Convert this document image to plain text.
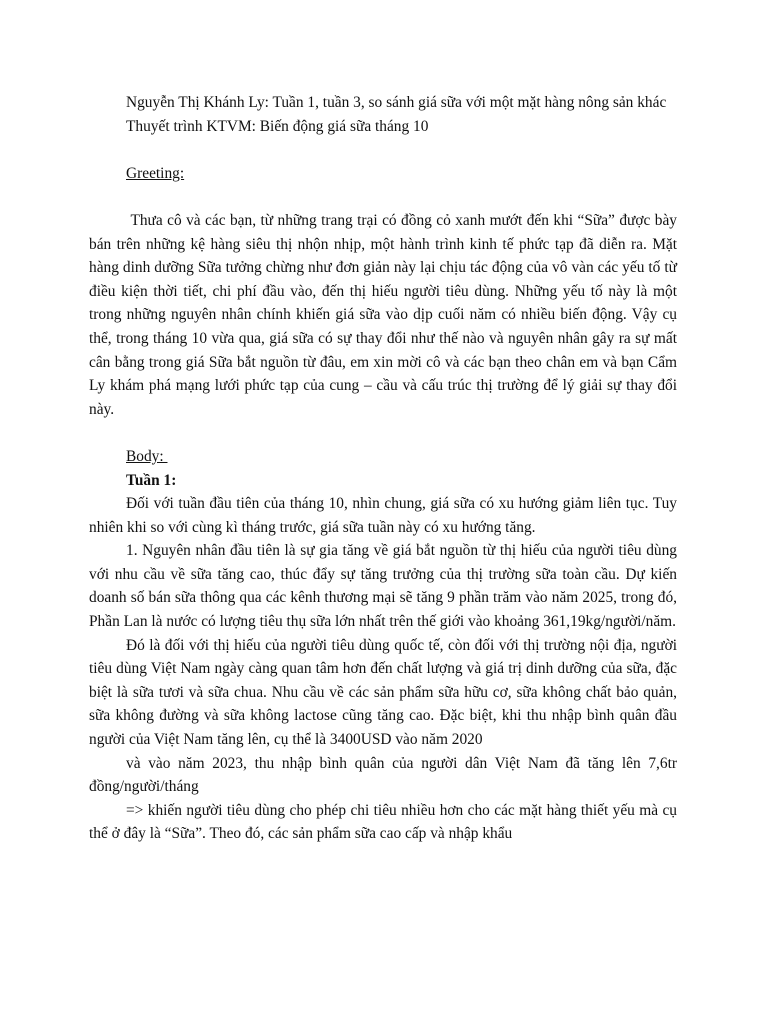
Nguyễn Thị Khánh Ly: Tuần 1, tuần 3, so sánh giá sữa với một mặt hàng nông sản khác

Thuyết trình KTVM: Biến động giá sữa tháng 10

Greeting:

Thưa cô và các bạn, từ những trang trại có đồng cỏ xanh mướt đến khi “Sữa” được bày bán trên những kệ hàng siêu thị nhộn nhịp, một hành trình kinh tế phức tạp đã diễn ra. Mặt hàng dinh dưỡng Sữa tưởng chừng như đơn giản này lại chịu tác động của vô vàn các yếu tố từ điều kiện thời tiết, chi phí đầu vào, đến thị hiếu người tiêu dùng. Những yếu tố này là một trong những nguyên nhân chính khiến giá sữa vào dịp cuối năm có nhiều biến động. Vậy cụ thể, trong tháng 10 vừa qua, giá sữa có sự thay đổi như thế nào và nguyên nhân gây ra sự mất cân bằng trong giá Sữa bắt nguồn từ đâu, em xin mời cô và các bạn theo chân em và bạn Cẩm Ly khám phá mạng lưới phức tạp của cung – cầu và cấu trúc thị trường để lý giải sự thay đổi này.

Body:

Tuần 1:

Đối với tuần đầu tiên của tháng 10, nhìn chung, giá sữa có xu hướng giảm liên tục. Tuy nhiên khi so với cùng kì tháng trước, giá sữa tuần này có xu hướng tăng.

1. Nguyên nhân đầu tiên là sự gia tăng về giá bắt nguồn từ thị hiếu của người tiêu dùng với nhu cầu về sữa tăng cao, thúc đẩy sự tăng trưởng của thị trường sữa toàn cầu. Dự kiến doanh số bán sữa thông qua các kênh thương mại sẽ tăng 9 phần trăm vào năm 2025, trong đó, Phần Lan là nước có lượng tiêu thụ sữa lớn nhất trên thế giới vào khoảng 361,19kg/người/năm.

Đó là đối với thị hiếu của người tiêu dùng quốc tế, còn đối với thị trường nội địa, người tiêu dùng Việt Nam ngày càng quan tâm hơn đến chất lượng và giá trị dinh dưỡng của sữa, đặc biệt là sữa tươi và sữa chua. Nhu cầu về các sản phẩm sữa hữu cơ, sữa không chất bảo quản, sữa không đường và sữa không lactose cũng tăng cao. Đặc biệt, khi thu nhập bình quân đầu người của Việt Nam tăng lên, cụ thể là 3400USD vào năm 2020

và vào năm 2023, thu nhập bình quân của người dân Việt Nam đã tăng lên 7,6tr đồng/người/tháng

=> khiến người tiêu dùng cho phép chi tiêu nhiều hơn cho các mặt hàng thiết yếu mà cụ thể ở đây là “Sữa”. Theo đó, các sản phẩm sữa cao cấp và nhập khẩu
